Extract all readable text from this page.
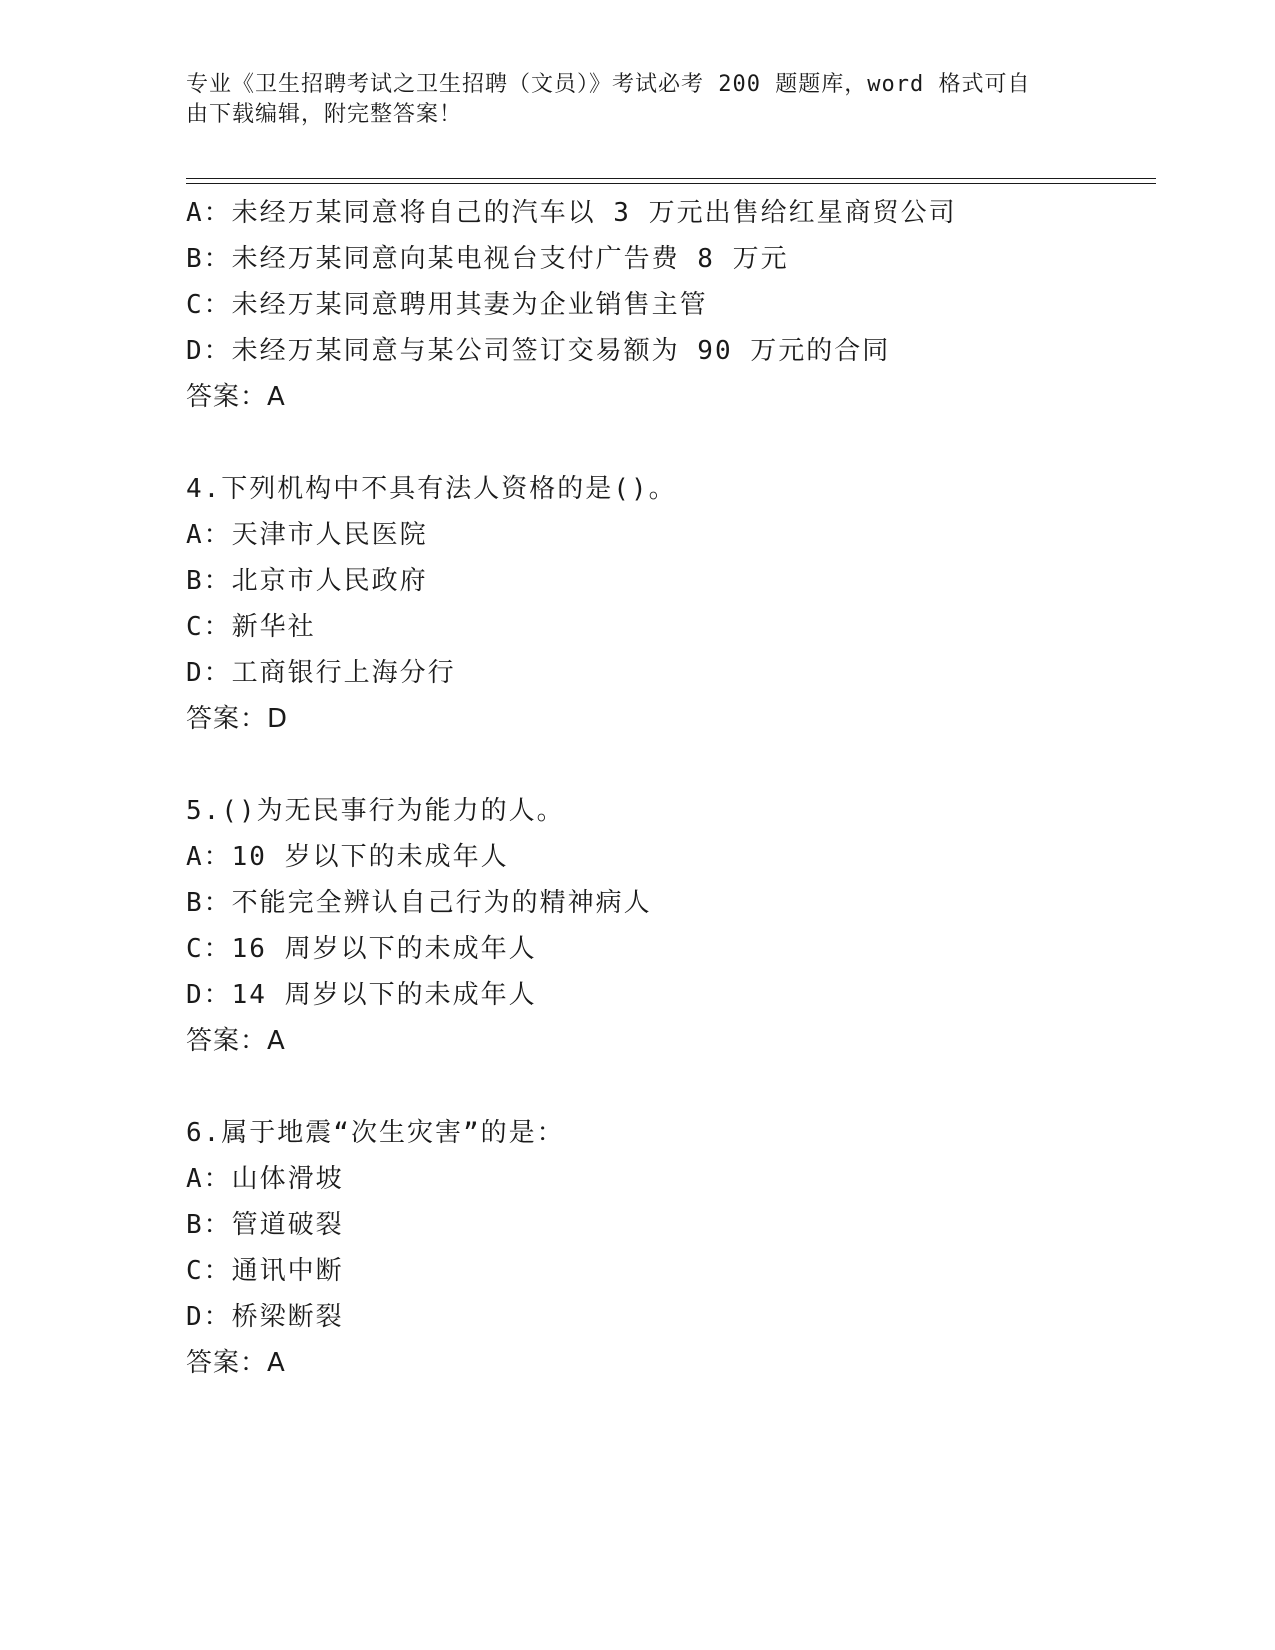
专业《卫生招聘考试之卫生招聘（文员）》考试必考 200 题题库，word 格式可自
由下载编辑，附完整答案！
A：未经万某同意将自己的汽车以 3 万元出售给红星商贸公司
B：未经万某同意向某电视台支付广告费 8 万元
C：未经万某同意聘用其妻为企业销售主管
D：未经万某同意与某公司签订交易额为 90 万元的合同
答案：A
4.下列机构中不具有法人资格的是()。
A：天津市人民医院
B：北京市人民政府
C：新华社
D：工商银行上海分行
答案：D
5.()为无民事行为能力的人。
A：10 岁以下的未成年人
B：不能完全辨认自己行为的精神病人
C：16 周岁以下的未成年人
D：14 周岁以下的未成年人
答案：A
6.属于地震“次生灾害”的是：
A：山体滑坡
B：管道破裂
C：通讯中断
D：桥梁断裂
答案：A
